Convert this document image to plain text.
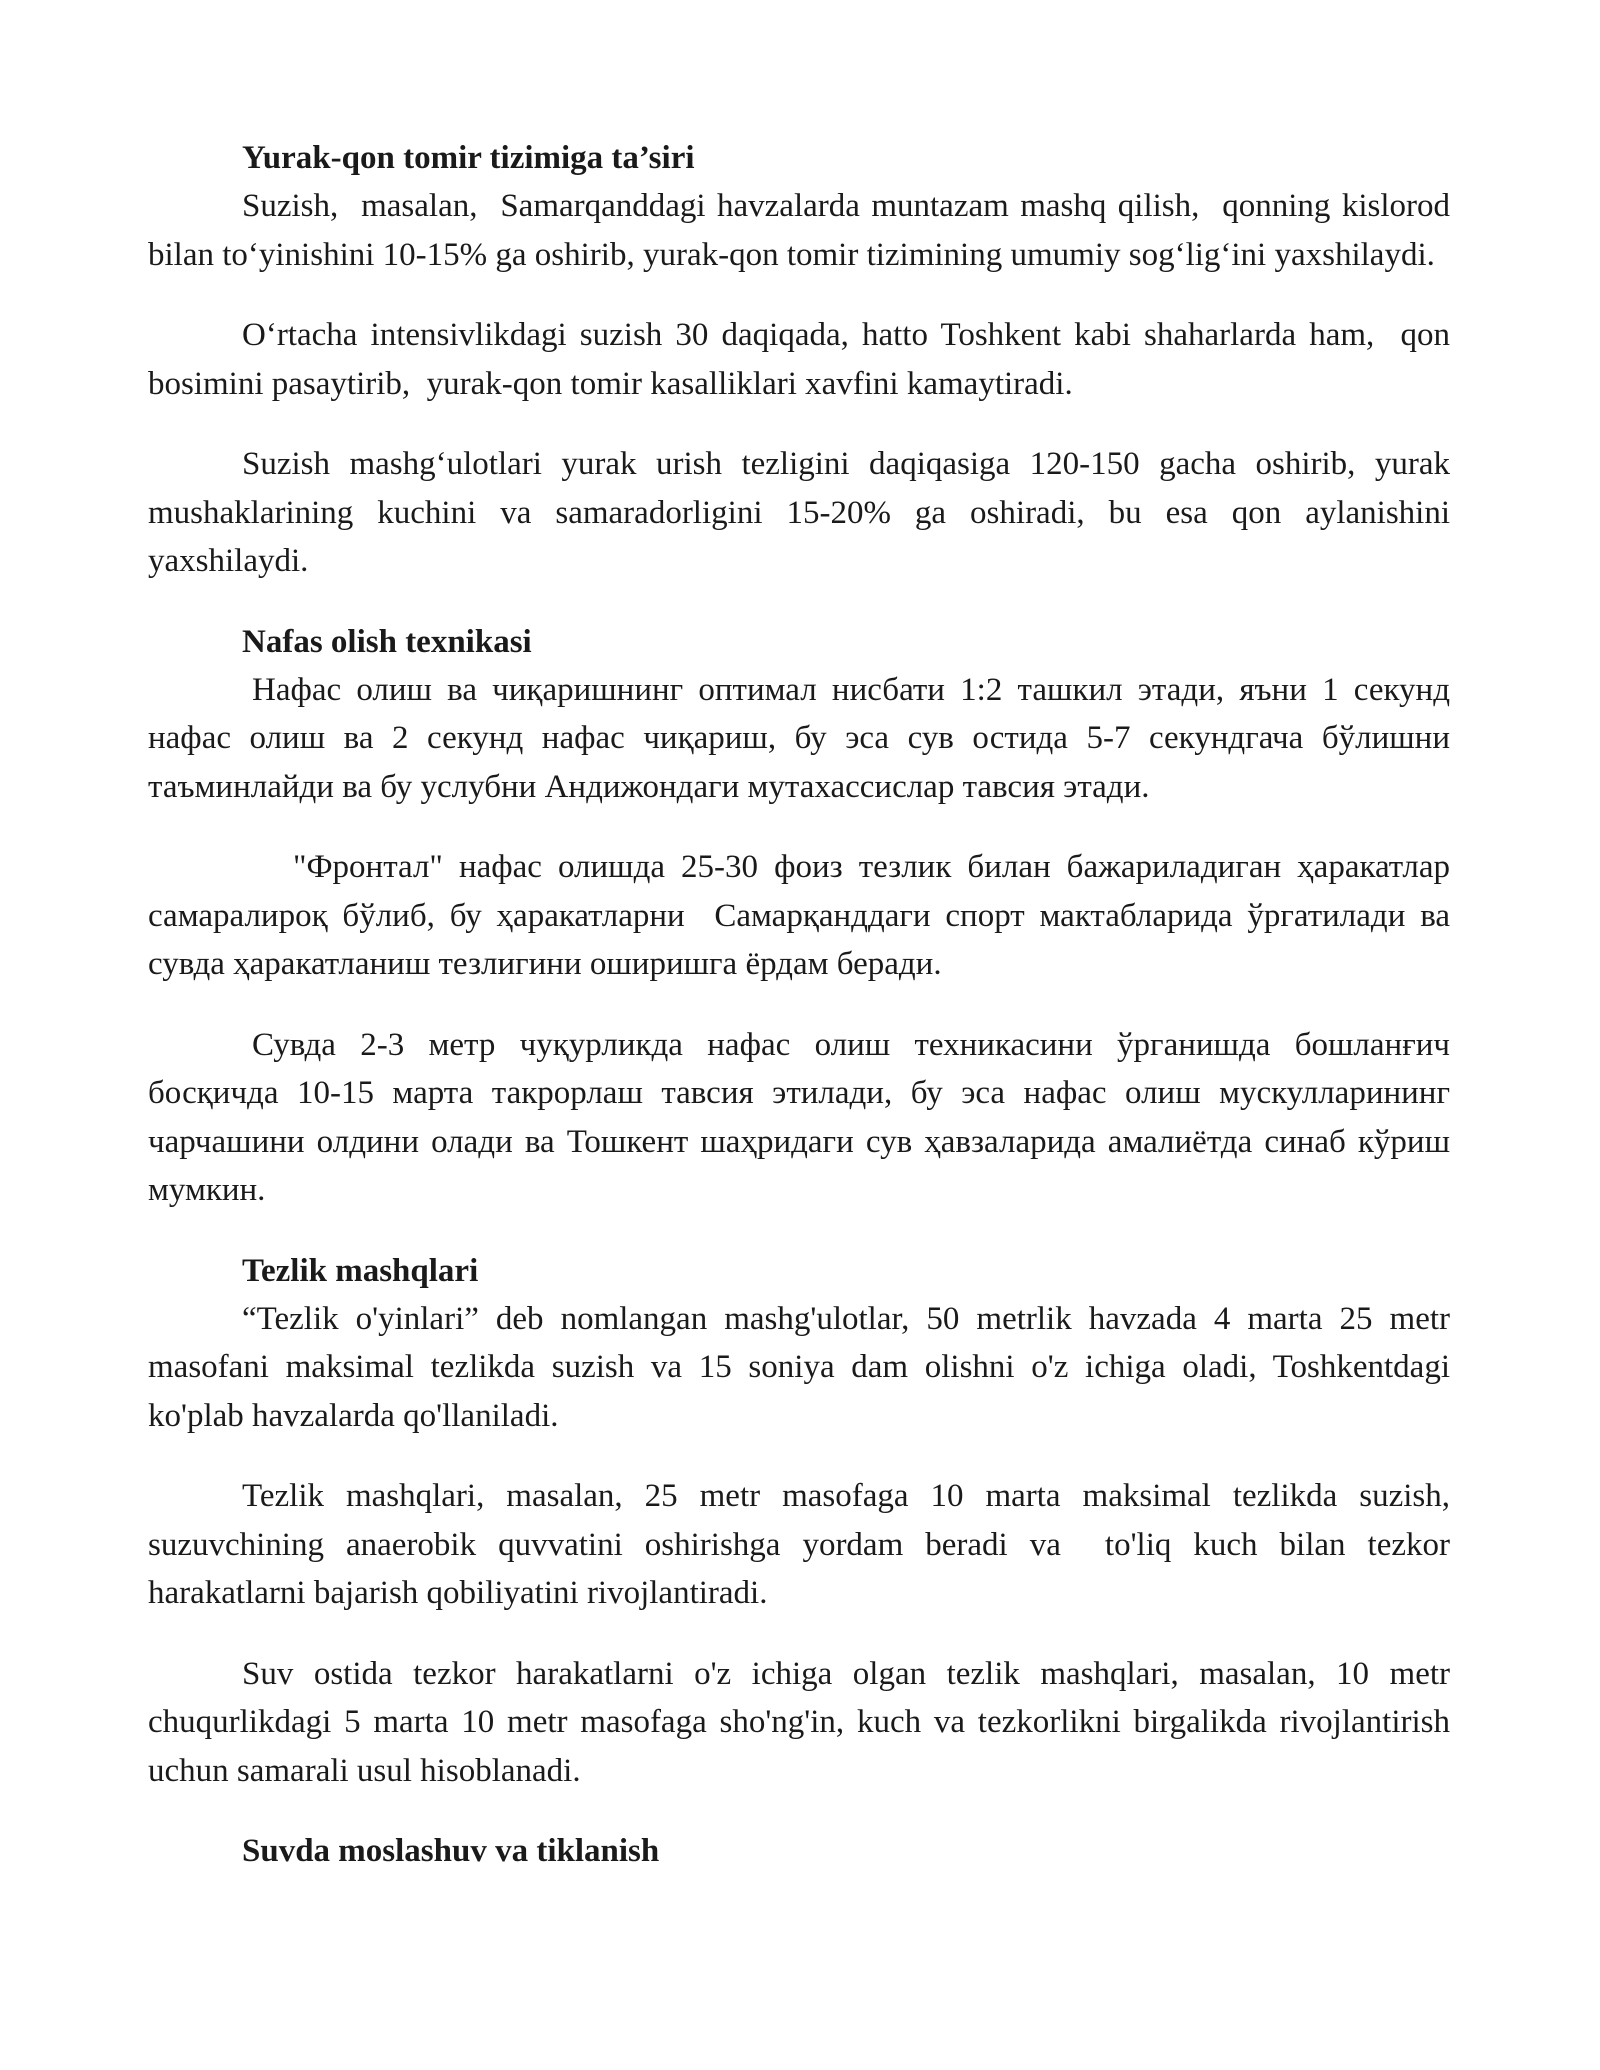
Yurak-qon tomir tizimiga ta’siri

Suzish,  masalan,  Samarqanddagi havzalarda muntazam mashq qilish,  qonning kislorod bilan to‘yinishini 10-15% ga oshirib, yurak-qon tomir tizimining umumiy sog‘lig‘ini yaxshilaydi.

O‘rtacha intensivlikdagi suzish 30 daqiqada, hatto Toshkent kabi shaharlarda ham,  qon bosimini pasaytirib,  yurak-qon tomir kasalliklari xavfini kamaytiradi.

Suzish mashg‘ulotlari yurak urish tezligini daqiqasiga 120-150 gacha oshirib, yurak mushaklarining kuchini va samaradorligini 15-20% ga oshiradi, bu esa qon aylanishini yaxshilaydi.

Nafas olish texnikasi

Нафас олиш ва чиқаришнинг оптимал нисбати 1:2 ташкил этади, яъни 1 секунд нафас олиш ва 2 секунд нафас чиқариш, бу эса сув остида 5-7 секундгача бўлишни таъминлайди ва бу услубни Андижондаги мутахассислар тавсия этади.

"Фронтал" нафас олишда 25-30 фоиз тезлик билан бажариладиган ҳаракатлар самаралироқ бўлиб, бу ҳаракатларни  Самарқанддаги спорт мактабларида ўргатилади ва сувда ҳаракатланиш тезлигини оширишга ёрдам беради.

Сувда 2-3 метр чуқурликда нафас олиш техникасини ўрганишда бошланғич босқичда 10-15 марта такрорлаш тавсия этилади, бу эса нафас олиш мускулларининг чарчашини олдини олади ва Тошкент шаҳридаги сув ҳавзаларида амалиётда синаб кўриш мумкин.

Tezlik mashqlari

“Tezlik o'yinlari” deb nomlangan mashg'ulotlar, 50 metrlik havzada 4 marta 25 metr  masofani maksimal tezlikda suzish va 15 soniya dam olishni o'z ichiga oladi, Toshkentdagi ko'plab havzalarda qo'llaniladi.

Tezlik mashqlari, masalan, 25 metr masofaga 10 marta maksimal tezlikda suzish, suzuvchining anaerobik quvvatini oshirishga yordam beradi va  to'liq kuch bilan tezkor harakatlarni bajarish qobiliyatini rivojlantiradi.

Suv ostida tezkor harakatlarni o'z ichiga olgan tezlik mashqlari, masalan, 10 metr chuqurlikdagi 5 marta 10 metr masofaga sho'ng'in, kuch va tezkorlikni birgalikda rivojlantirish uchun samarali usul hisoblanadi.

Suvda moslashuv va tiklanish
